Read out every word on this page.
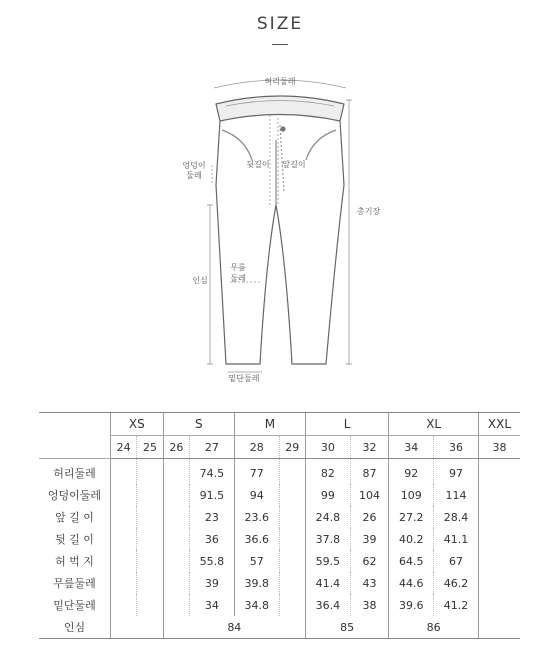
SIZE
허리둘레
엉덩이
둘레
뒷길이 앞길이
총기장
인심
무릎
둘레
밑단둘레
	XS		S		M		L		XL		XXL
	24	25	26	27	28	29	30	32	34	36	38
허리둘레				74.5	77		82	87	92	97	
엉덩이둘레				91.5	94		99	104	109	114	
앞 길 이				23	23.6		24.8	26	27.2	28.4	
뒷 길 이				36	36.6		37.8	39	40.2	41.1	
허 벅 지				55.8	57		59.5	62	64.5	67	
무릎둘레				39	39.8		41.4	43	44.6	46.2	
밑단둘레				34	34.8		36.4	38	39.6	41.2	
인심			84				85		86		
